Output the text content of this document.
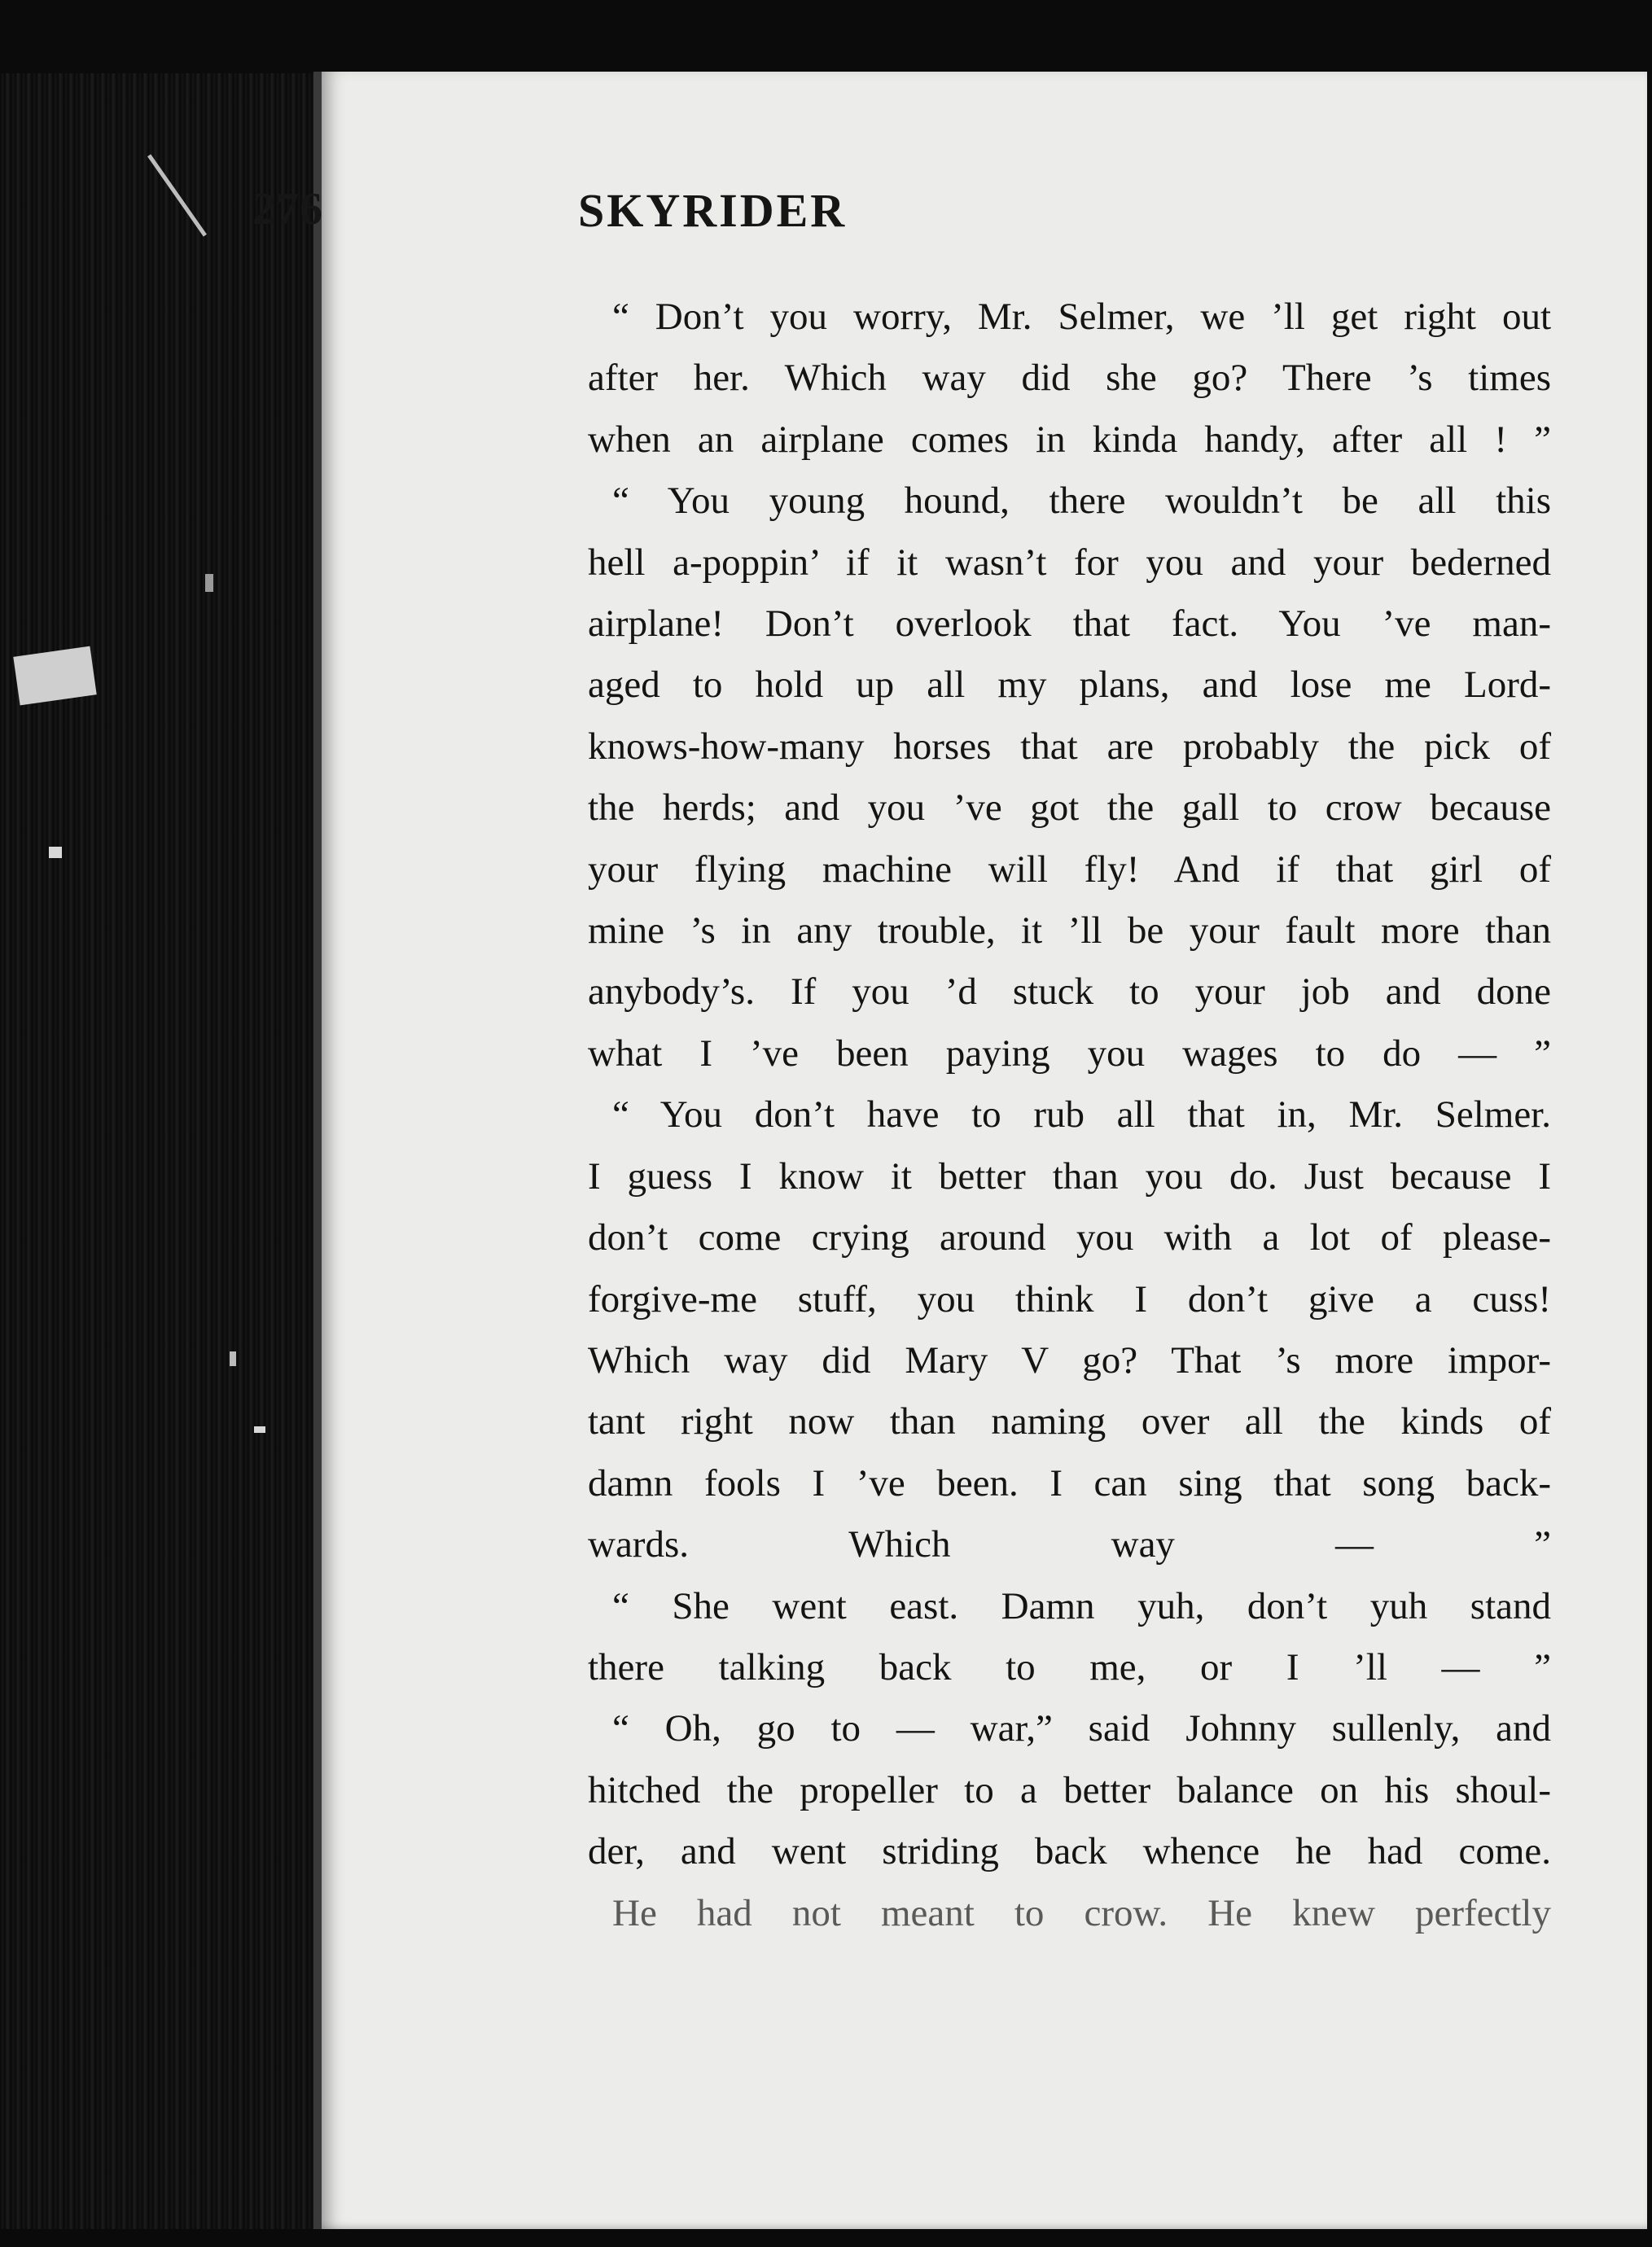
276	SKYRIDER

“ Don’t you worry, Mr. Selmer, we ’ll get right out
after her. Which way did she go? There ’s times
when an airplane comes in kinda handy, after all ! ”

“ You young hound, there wouldn’t be all this
hell a-poppin’ if it wasn’t for you and your bederned
airplane! Don’t overlook that fact. You ’ve man-
aged to hold up all my plans, and lose me Lord-
knows-how-many horses that are probably the pick of
the herds; and you ’ve got the gall to crow because
your flying machine will fly! And if that girl of
mine ’s in any trouble, it ’ll be your fault more than
anybody’s. If you ’d stuck to your job and done
what I ’ve been paying you wages to do — ”

“ You don’t have to rub all that in, Mr. Selmer.
I guess I know it better than you do. Just because I
don’t come crying around you with a lot of please-
forgive-me stuff, you think I don’t give a cuss!
Which way did Mary V go? That ’s more impor-
tant right now than naming over all the kinds of
damn fools I ’ve been. I can sing that song back-
wards. Which way — ”

“ She went east. Damn yuh, don’t yuh stand
there talking back to me, or I ’ll — ”

“ Oh, go to — war,” said Johnny sullenly, and
hitched the propeller to a better balance on his shoul-
der, and went striding back whence he had come.

He had not meant to crow. He knew perfectly
